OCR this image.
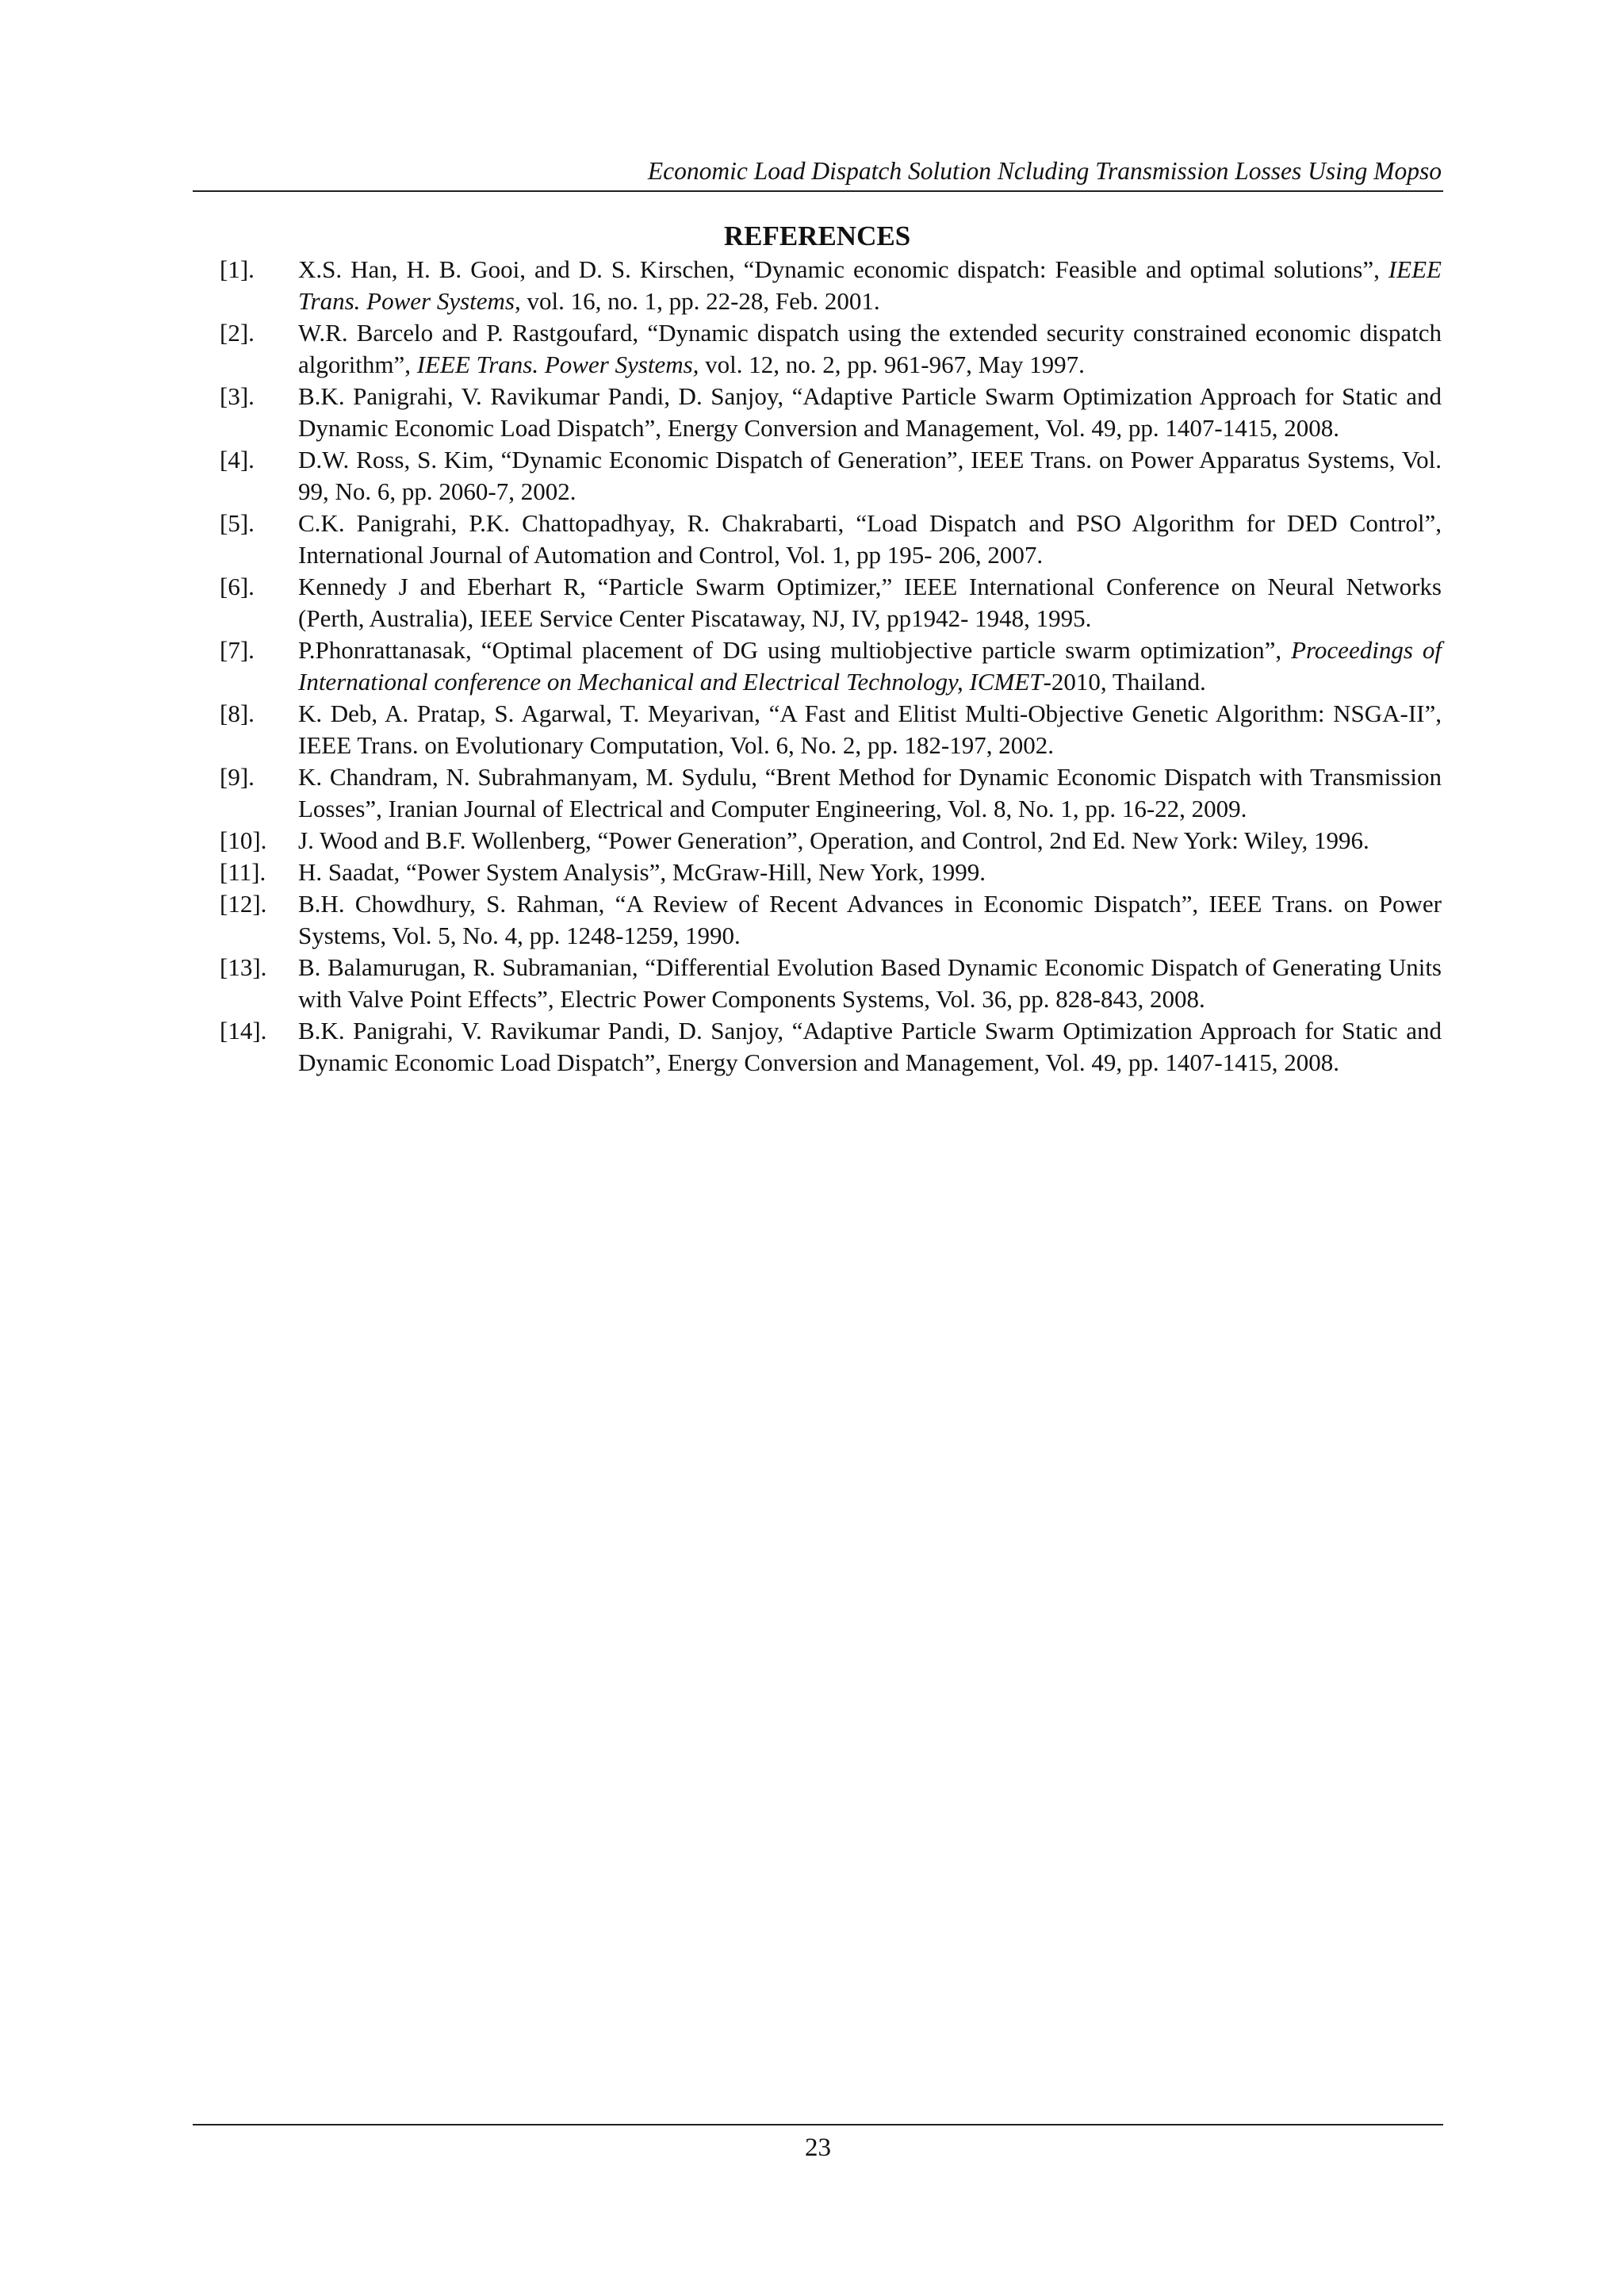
Economic Load Dispatch Solution Ncluding Transmission Losses Using Mopso
REFERENCES
[1].	X.S. Han, H. B. Gooi, and D. S. Kirschen, “Dynamic economic dispatch: Feasible and optimal solutions”, IEEE Trans. Power Systems, vol. 16, no. 1, pp. 22-28, Feb. 2001.
[2].	W.R. Barcelo and P. Rastgoufard, “Dynamic dispatch using the extended security constrained economic dispatch algorithm”, IEEE Trans. Power Systems, vol. 12, no. 2, pp. 961-967, May 1997.
[3].	B.K. Panigrahi, V. Ravikumar Pandi, D. Sanjoy, “Adaptive Particle Swarm Optimization Approach for Static and Dynamic Economic Load Dispatch”, Energy Conversion and Management, Vol. 49, pp. 1407-1415, 2008.
[4].	D.W. Ross, S. Kim, “Dynamic Economic Dispatch of Generation”, IEEE Trans. on Power Apparatus Systems, Vol. 99, No. 6, pp. 2060-7, 2002.
[5].	C.K. Panigrahi, P.K. Chattopadhyay, R. Chakrabarti, “Load Dispatch and PSO Algorithm for DED Control”, International Journal of Automation and Control, Vol. 1, pp 195- 206, 2007.
[6].	Kennedy J and Eberhart R, “Particle Swarm Optimizer,” IEEE International Conference on Neural Networks (Perth, Australia), IEEE Service Center Piscataway, NJ, IV, pp1942- 1948, 1995.
[7].	P.Phonrattanasak, “Optimal placement of DG using multiobjective particle swarm optimization”, Proceedings of International conference on Mechanical and Electrical Technology, ICMET-2010, Thailand.
[8].	K. Deb, A. Pratap, S. Agarwal, T. Meyarivan, “A Fast and Elitist Multi-Objective Genetic Algorithm: NSGA-II”, IEEE Trans. on Evolutionary Computation, Vol. 6, No. 2, pp. 182-197, 2002.
[9].	K. Chandram, N. Subrahmanyam, M. Sydulu, “Brent Method for Dynamic Economic Dispatch with Transmission Losses”, Iranian Journal of Electrical and Computer Engineering, Vol. 8, No. 1, pp. 16-22, 2009.
[10].	J. Wood and B.F. Wollenberg, “Power Generation”, Operation, and Control, 2nd Ed. New York: Wiley, 1996.
[11].	H. Saadat, “Power System Analysis”, McGraw-Hill, New York, 1999.
[12].	B.H. Chowdhury, S. Rahman, “A Review of Recent Advances in Economic Dispatch”, IEEE Trans. on Power Systems, Vol. 5, No. 4, pp. 1248-1259, 1990.
[13].	B. Balamurugan, R. Subramanian, “Differential Evolution Based Dynamic Economic Dispatch of Generating Units with Valve Point Effects”, Electric Power Components Systems, Vol. 36, pp. 828-843, 2008.
[14].	B.K. Panigrahi, V. Ravikumar Pandi, D. Sanjoy, “Adaptive Particle Swarm Optimization Approach for Static and Dynamic Economic Load Dispatch”, Energy Conversion and Management, Vol. 49, pp. 1407-1415, 2008.
23
